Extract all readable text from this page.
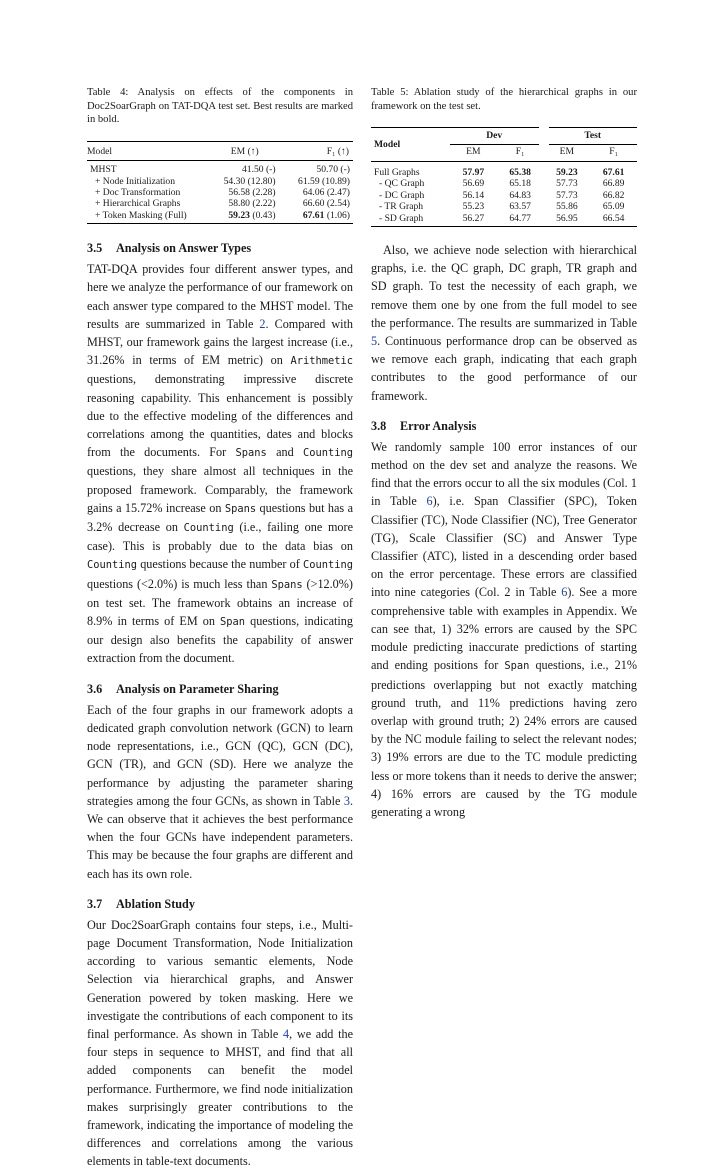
Table 4: Analysis on effects of the components in Doc2SoarGraph on TAT-DQA test set. Best results are marked in bold.

Model	EM (↑)	F₁ (↑)
MHST	41.50 (-)	50.70 (-)
+ Node Initialization	54.30 (12.80)	61.59 (10.89)
+ Doc Transformation	56.58 (2.28)	64.06 (2.47)
+ Hierarchical Graphs	58.80 (2.22)	66.60 (2.54)
+ Token Masking (Full)	59.23 (0.43)	67.61 (1.06)
3.5 Analysis on Answer Types

TAT-DQA provides four different answer types, and here we analyze the performance of our framework on each answer type compared to the MHST model. The results are summarized in Table 2. Compared with MHST, our framework gains the largest increase (i.e., 31.26% in terms of EM metric) on Arithmetic questions, demonstrating impressive discrete reasoning capability. This enhancement is possibly due to the effective modeling of the differences and correlations among the quantities, dates and blocks from the documents. For Spans and Counting questions, they share almost all techniques in the proposed framework. Comparably, the framework gains a 15.72% increase on Spans questions but has a 3.2% decrease on Counting (i.e., failing one more case). This is probably due to the data bias on Counting questions because the number of Counting questions (<2.0%) is much less than Spans (>12.0%) on test set. The framework obtains an increase of 8.9% in terms of EM on Span questions, indicating our design also benefits the capability of answer extraction from the document.

3.6 Analysis on Parameter Sharing

Each of the four graphs in our framework adopts a dedicated graph convolution network (GCN) to learn node representations, i.e., GCN (QC), GCN (DC), GCN (TR), and GCN (SD). Here we analyze the performance by adjusting the parameter sharing strategies among the four GCNs, as shown in Table 3. We can observe that it achieves the best performance when the four GCNs have independent parameters. This may be because the four graphs are different and each has its own role.

3.7 Ablation Study

Our Doc2SoarGraph contains four steps, i.e., Multi-page Document Transformation, Node Initialization according to various semantic elements, Node Selection via hierarchical graphs, and Answer Generation powered by token masking. Here we investigate the contributions of each component to its final performance. As shown in Table 4, we add the four steps in sequence to MHST, and find that all added components can benefit the model performance. Furthermore, we find node initialization makes surprisingly greater contributions to the framework, indicating the importance of modeling the differences and correlations among the various elements in table-text documents.

Table 5: Ablation study of the hierarchical graphs in our framework on the test set.

Model	Dev		Test	
	EM	F₁	EM	F₁
Full Graphs	57.97	65.38	59.23	67.61
- QC Graph	56.69	65.18	57.73	66.89
- DC Graph	56.14	64.83	57.73	66.82
- TR Graph	55.23	63.57	55.86	65.09
- SD Graph	56.27	64.77	56.95	66.54

Also, we achieve node selection with hierarchical graphs, i.e. the QC graph, DC graph, TR graph and SD graph. To test the necessity of each graph, we remove them one by one from the full model to see the performance. The results are summarized in Table 5. Continuous performance drop can be observed as we remove each graph, indicating that each graph contributes to the good performance of our framework.

3.8 Error Analysis

We randomly sample 100 error instances of our method on the dev set and analyze the reasons. We find that the errors occur to all the six modules (Col. 1 in Table 6), i.e. Span Classifier (SPC), Token Classifier (TC), Node Classifier (NC), Tree Generator (TG), Scale Classifier (SC) and Answer Type Classifier (ATC), listed in a descending order based on the error percentage. These errors are classified into nine categories (Col. 2 in Table 6). See a more comprehensive table with examples in Appendix. We can see that, 1) 32% errors are caused by the SPC module predicting inaccurate predictions of starting and ending positions for Span questions, i.e., 21% predictions overlapping but not exactly matching ground truth, and 11% predictions having zero overlap with ground truth; 2) 24% errors are caused by the NC module failing to select the relevant nodes; 3) 19% errors are due to the TC module predicting less or more tokens than it needs to derive the answer; 4) 16% errors are caused by the TG module generating a wrong
